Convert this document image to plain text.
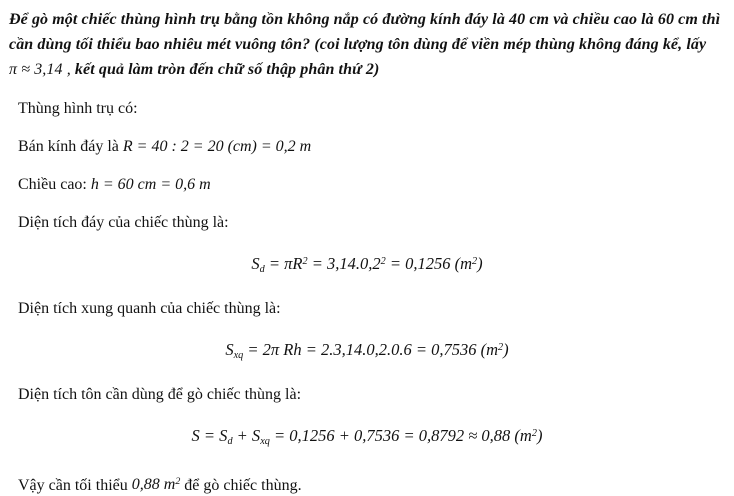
Để gò một chiếc thùng hình trụ bằng tồn không nắp có đường kính đáy là 40 cm và chiều cao là 60 cm thì
cần dùng tối thiểu bao nhiêu mét vuông tôn? (coi lượng tôn dùng để viền mép thùng không đáng kể, lấy
π ≈ 3,14 , kết quả làm tròn đến chữ số thập phân thứ 2)

Thùng hình trụ có:

Bán kính đáy là R = 40 : 2 = 20 (cm) = 0,2 m

Chiều cao: h = 60 cm = 0,6 m

Diện tích đáy của chiếc thùng là:

$S_d = \pi R^2 = 3,14.0,2^2 = 0,1256$ $(m^2)$

Diện tích xung quanh của chiếc thùng là:

$S_{xq} = 2\pi$ Rh = 2.3,14.0,2.0.6 = 0,7536 $(m^2)$

Diện tích tôn cần dùng để gò chiếc thùng là:

$S = S_d + S_{xq} = 0,1256 + 0,7536 = 0,8792 \approx 0,88$ $(m^2)$

Vậy cần tối thiểu 0,88 $m^2$ để gò chiếc thùng.
